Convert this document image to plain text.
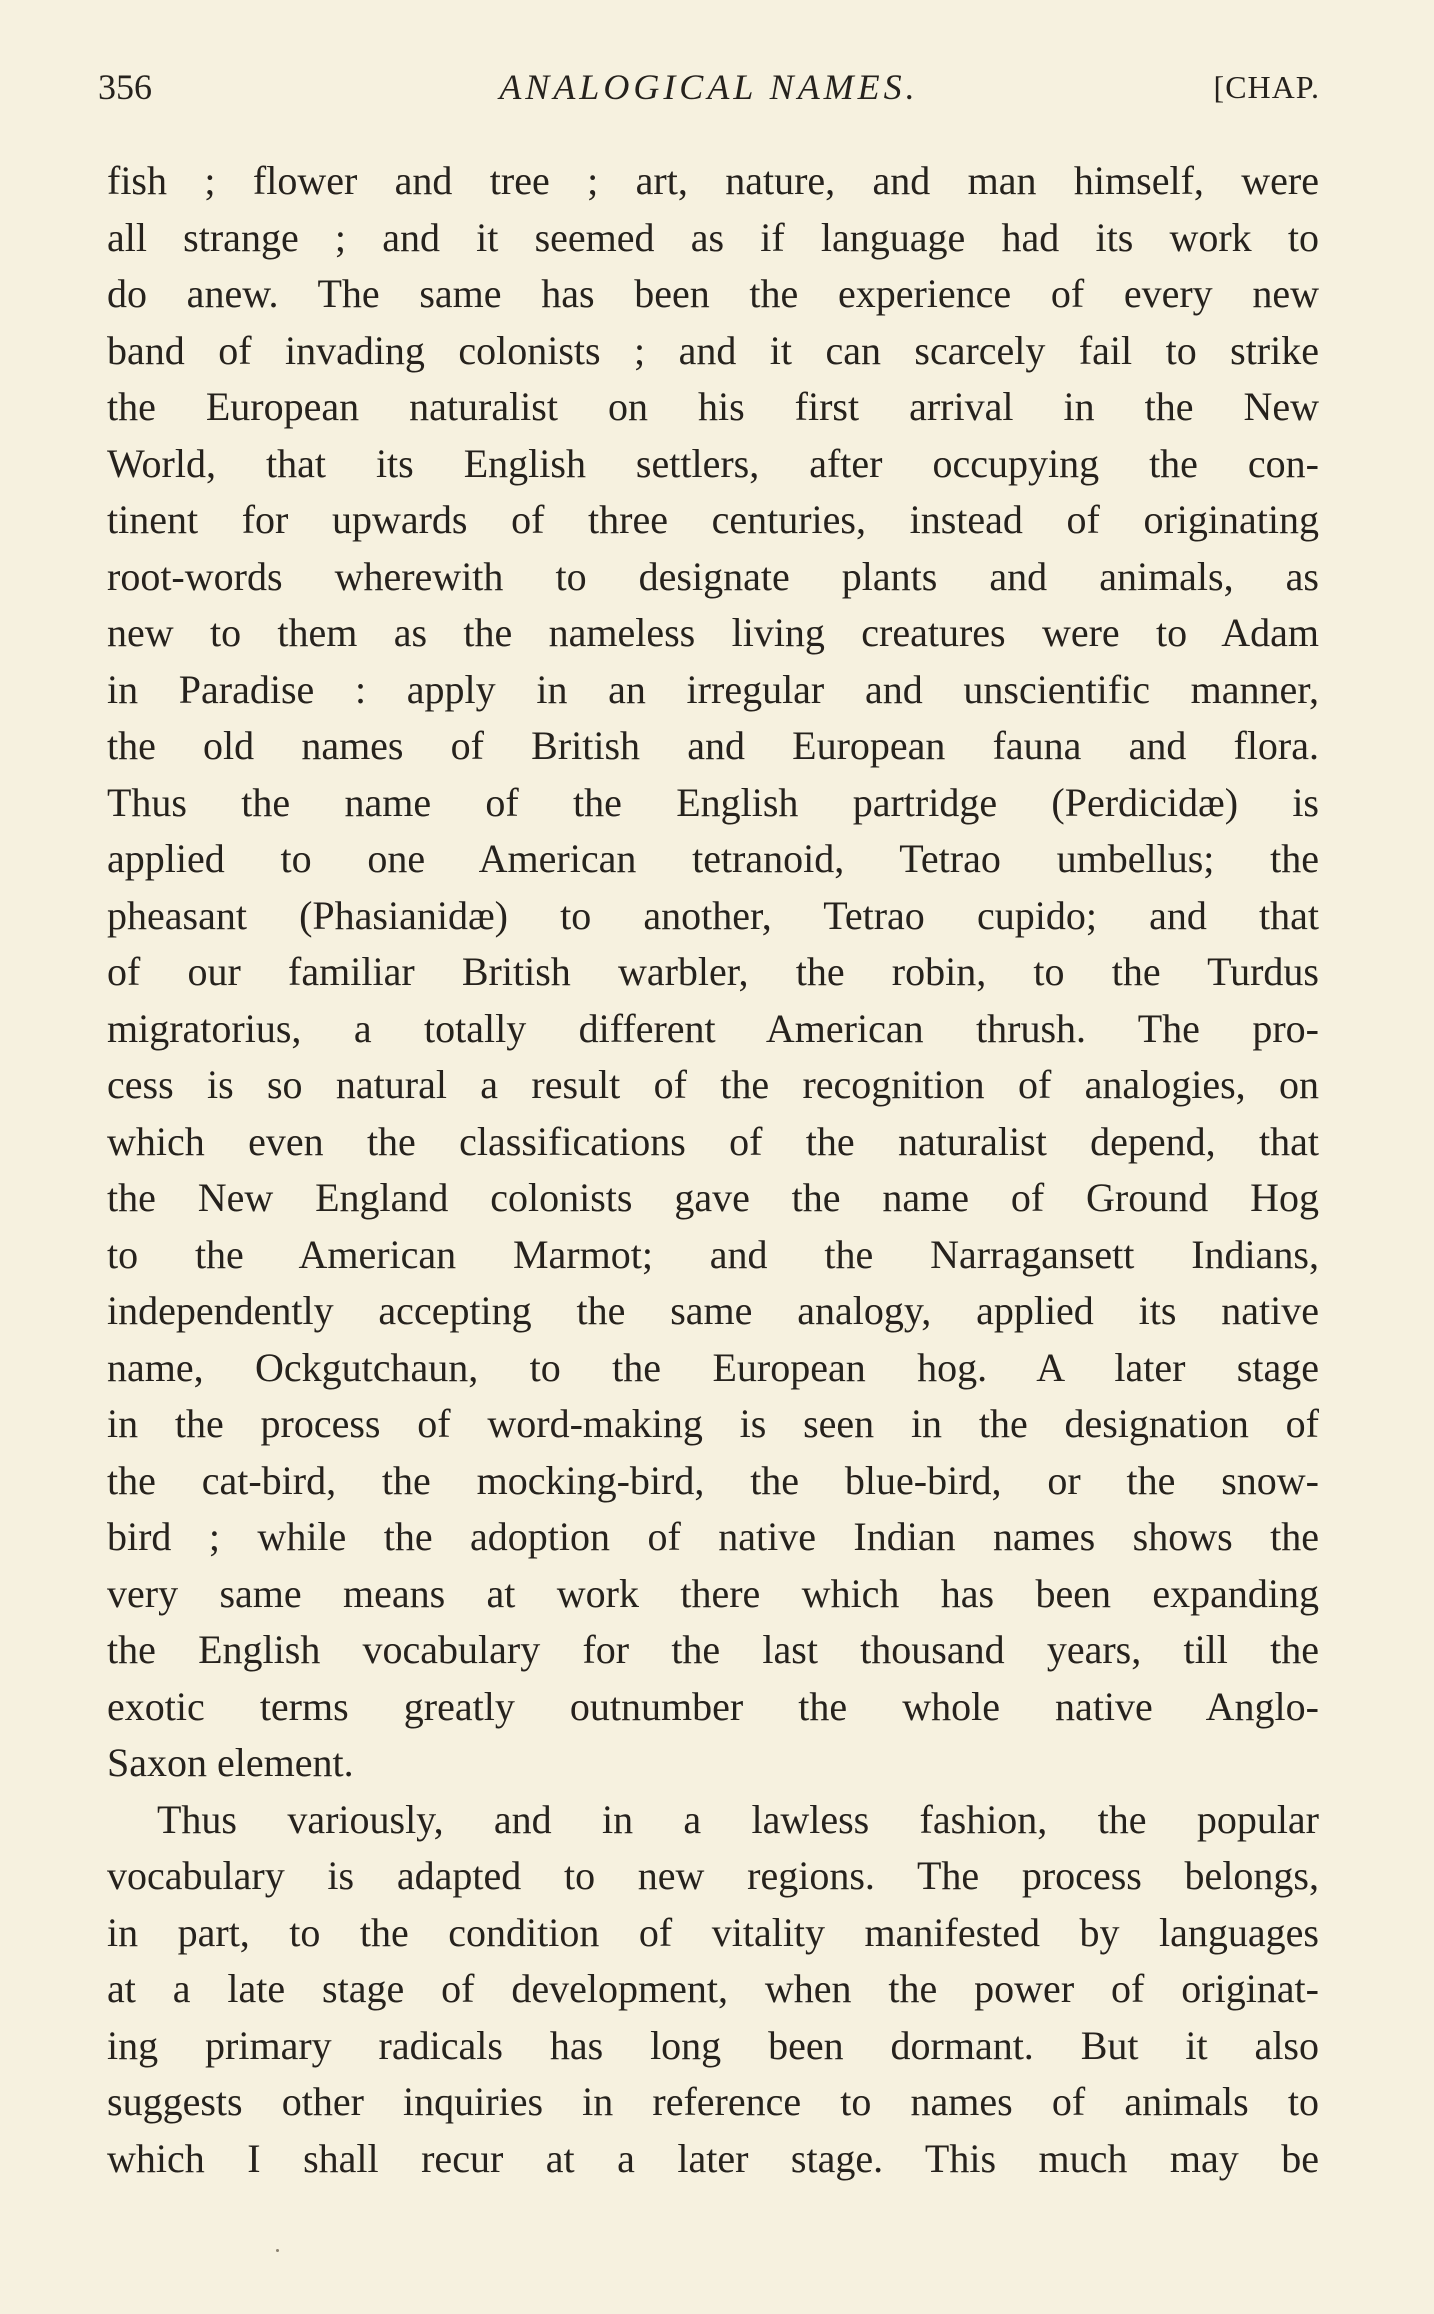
356	ANALOGICAL NAMES.	[CHAP.
fish ; flower and tree ; art, nature, and man himself, were
all strange ; and it seemed as if language had its work to
do anew. The same has been the experience of every new
band of invading colonists ; and it can scarcely fail to strike
the European naturalist on his first arrival in the New
World, that its English settlers, after occupying the con-
tinent for upwards of three centuries, instead of originating
root-words wherewith to designate plants and animals, as
new to them as the nameless living creatures were to Adam
in Paradise : apply in an irregular and unscientific manner,
the old names of British and European fauna and flora.
Thus the name of the English partridge (Perdicidæ) is
applied to one American tetranoid, Tetrao umbellus; the
pheasant (Phasianidæ) to another, Tetrao cupido; and that
of our familiar British warbler, the robin, to the Turdus
migratorius, a totally different American thrush. The pro-
cess is so natural a result of the recognition of analogies, on
which even the classifications of the naturalist depend, that
the New England colonists gave the name of Ground Hog
to the American Marmot; and the Narragansett Indians,
independently accepting the same analogy, applied its native
name, Ockgutchaun, to the European hog. A later stage
in the process of word-making is seen in the designation of
the cat-bird, the mocking-bird, the blue-bird, or the snow-
bird ; while the adoption of native Indian names shows the
very same means at work there which has been expanding
the English vocabulary for the last thousand years, till the
exotic terms greatly outnumber the whole native Anglo-
Saxon element.
Thus variously, and in a lawless fashion, the popular
vocabulary is adapted to new regions. The process belongs,
in part, to the condition of vitality manifested by languages
at a late stage of development, when the power of originat-
ing primary radicals has long been dormant. But it also
suggests other inquiries in reference to names of animals to
which I shall recur at a later stage. This much may be
